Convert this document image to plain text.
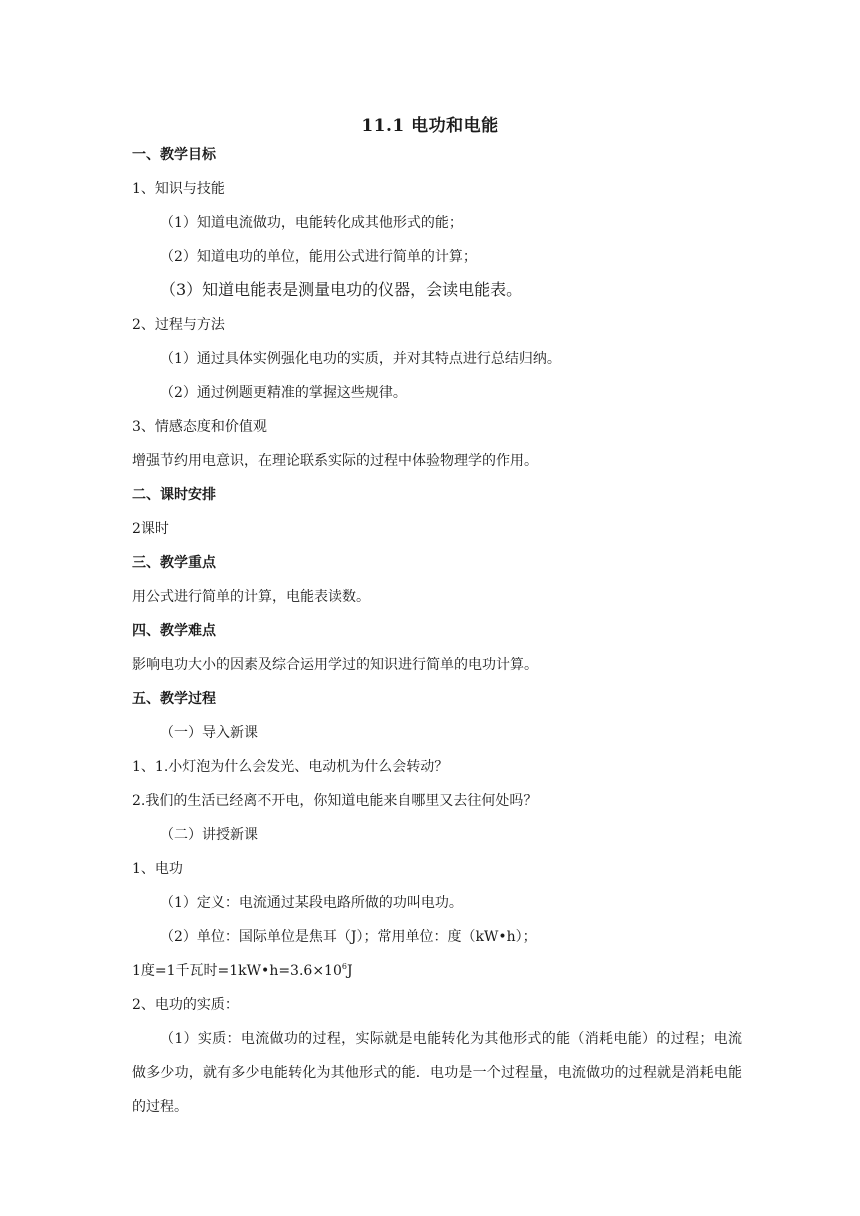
11.1 电功和电能
一、教学目标
1、知识与技能
（1）知道电流做功，电能转化成其他形式的能；
（2）知道电功的单位，能用公式进行简单的计算；
（3）知道电能表是测量电功的仪器，会读电能表。
2、过程与方法
（1）通过具体实例强化电功的实质，并对其特点进行总结归纳。
（2）通过例题更精准的掌握这些规律。
3、情感态度和价值观
增强节约用电意识，在理论联系实际的过程中体验物理学的作用。
二、课时安排
2课时
三、教学重点
用公式进行简单的计算，电能表读数。
四、教学难点
影响电功大小的因素及综合运用学过的知识进行简单的电功计算。
五、教学过程
（一）导入新课
1、1.小灯泡为什么会发光、电动机为什么会转动？
2.我们的生活已经离不开电，你知道电能来自哪里又去往何处吗？
（二）讲授新课
1、电功
（1）定义：电流通过某段电路所做的功叫电功。
（2）单位：国际单位是焦耳（J）；常用单位：度（kW•h）；
1度=1千瓦时$=1kW•h=3.6\times 10^6J$
2、电功的实质：
（1）实质：电流做功的过程，实际就是电能转化为其他形式的能（消耗电能）的过程；电流做多少功，就有多少电能转化为其他形式的能．电功是一个过程量，电流做功的过程就是消耗电能的过程。
